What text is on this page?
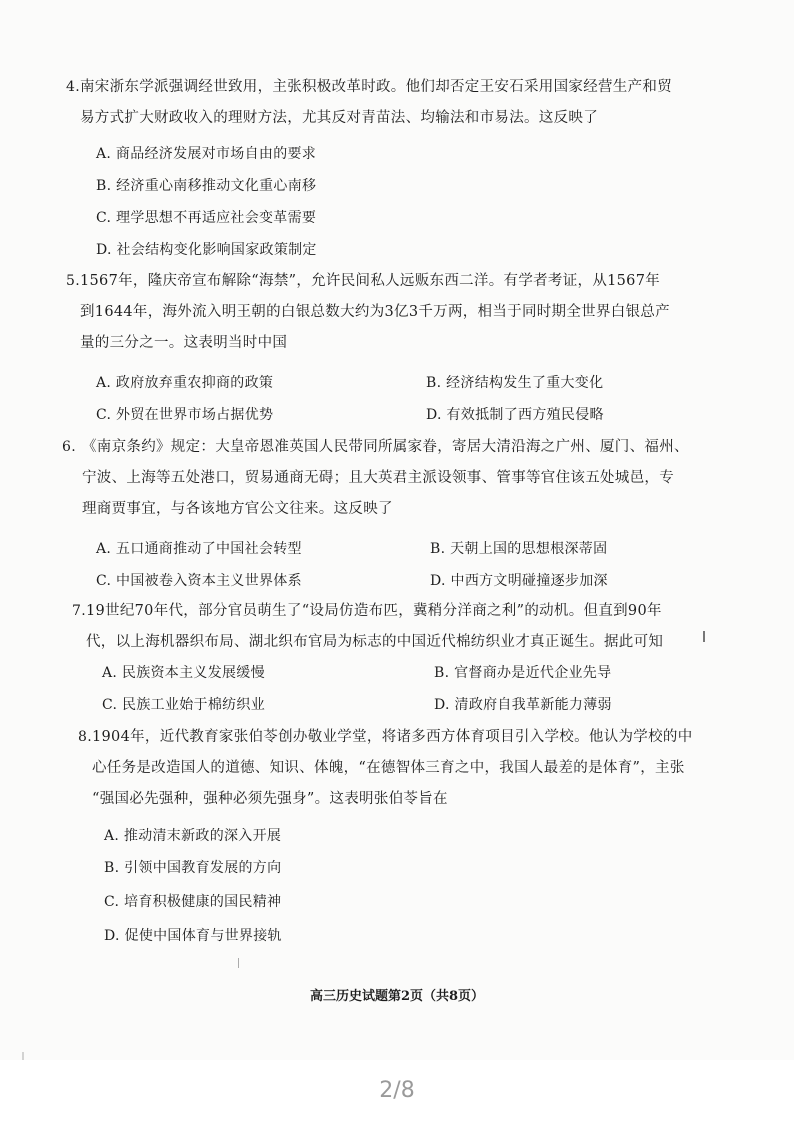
4. 南宋浙东学派强调经世致用，主张积极改革时政。他们却否定王安石采用国家经营生产和贸
易方式扩大财政收入的理财方法，尤其反对青苗法、均输法和市易法。这反映了
A. 商品经济发展对市场自由的要求
B. 经济重心南移推动文化重心南移
C. 理学思想不再适应社会变革需要
D. 社会结构变化影响国家政策制定
5. 1567年，隆庆帝宣布解除“海禁”，允许民间私人远贩东西二洋。有学者考证，从1567年
到1644年，海外流入明王朝的白银总数大约为3亿3千万两，相当于同时期全世界白银总产
量的三分之一。这表明当时中国
A. 政府放弃重农抑商的政策	B. 经济结构发生了重大变化
C. 外贸在世界市场占据优势	D. 有效抵制了西方殖民侵略
6. 《南京条约》规定：大皇帝恩准英国人民带同所属家眷，寄居大清沿海之广州、厦门、福州、
宁波、上海等五处港口，贸易通商无碍；且大英君主派设领事、管事等官住该五处城邑，专
理商贾事宜，与各该地方官公文往来。这反映了
A. 五口通商推动了中国社会转型	B. 天朝上国的思想根深蒂固
C. 中国被卷入资本主义世界体系	D. 中西方文明碰撞逐步加深
7. 19世纪70年代，部分官员萌生了“设局仿造布匹，冀稍分洋商之利”的动机。但直到90年
代，以上海机器织布局、湖北织布官局为标志的中国近代棉纺织业才真正诞生。据此可知
A. 民族资本主义发展缓慢	B. 官督商办是近代企业先导
C. 民族工业始于棉纺织业	D. 清政府自我革新能力薄弱
8. 1904年，近代教育家张伯苓创办敬业学堂，将诸多西方体育项目引入学校。他认为学校的中
心任务是改造国人的道德、知识、体魄，“在德智体三育之中，我国人最差的是体育”，主张
“强国必先强种，强种必须先强身”。这表明张伯苓旨在
A. 推动清末新政的深入开展
B. 引领中国教育发展的方向
C. 培育积极健康的国民精神
D. 促使中国体育与世界接轨
高三历史试题第2页（共8页）
2/8
